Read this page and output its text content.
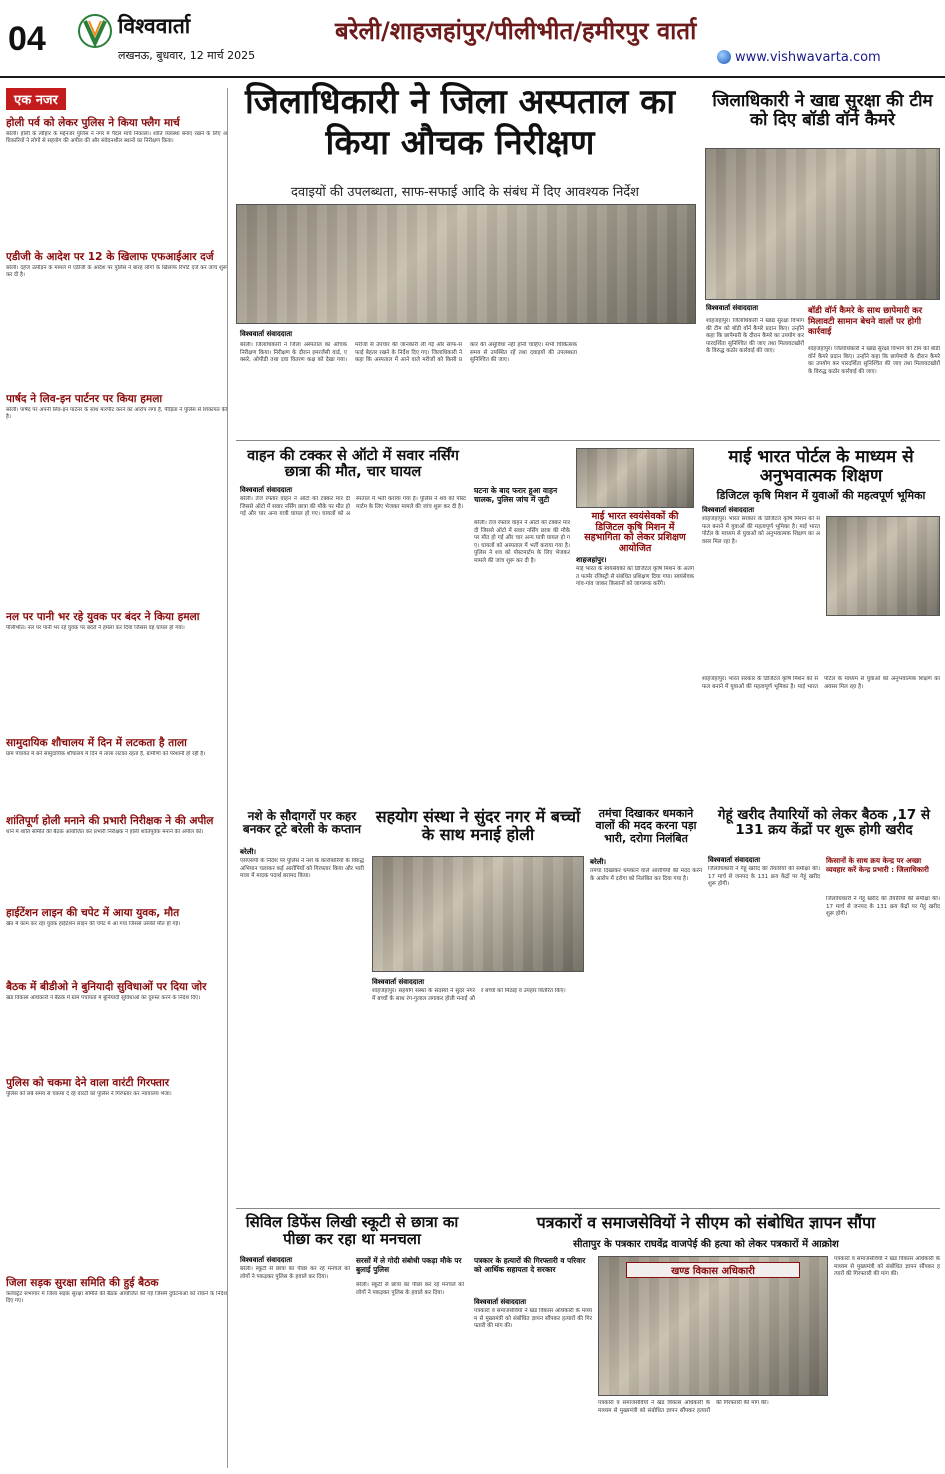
04	विश्ववार्ता
लखनऊ, बुधवार, 12 मार्च 2025
बरेली/शाहजहांपुर/पीलीभीत/हमीरपुर वार्ता
www.vishwavarta.com
एक नजर
होली पर्व को लेकर पुलिस ने किया फ्लैग मार्च
बरेली। होली के त्यौहार के मद्देनजर पुलिस ने नगर में पैदल मार्च निकाला। शांति व्यवस्था बनाए रखने के लिए अधिकारियों ने लोगों से सहयोग की अपील की और संवेदनशील स्थानों का निरीक्षण किया।
एडीजी के आदेश पर 12 के खिलाफ एफआईआर दर्ज
बरेली। दहेज उत्पीड़न के मामले में एडीजी के आदेश पर पुलिस ने बारह लोगों के खिलाफ रिपोर्ट दर्ज कर जांच शुरू कर दी है।
पार्षद ने लिव-इन पार्टनर पर किया हमला
बरेली। पार्षद पर अपनी लिव-इन पार्टनर के साथ मारपीट करने का आरोप लगा है, पीड़िता ने पुलिस से शिकायत की है।
नल पर पानी भर रहे युवक पर बंदर ने किया हमला
पीलीभीत। नल पर पानी भर रहे युवक पर बंदरों ने हमला कर दिया जिससे वह घायल हो गया।
सामुदायिक शौचालय में दिन में लटकता है ताला
ग्राम पंचायत में बने सामुदायिक शौचालय में दिन में ताला लटका रहता है, ग्रामीणों को परेशानी हो रही है।
शांतिपूर्ण होली मनाने की प्रभारी निरीक्षक ने की अपील
थाने में शांति समिति की बैठक आयोजित कर प्रभारी निरीक्षक ने होली शांतिपूर्वक मनाने की अपील की।
हाईटेंशन लाइन की चपेट में आया युवक, मौत
खेत में काम कर रहा युवक हाईटेंशन लाइन की चपेट में आ गया जिससे उसकी मौत हो गई।
बैठक में बीडीओ ने बुनियादी सुविधाओं पर दिया जोर
खंड विकास अधिकारी ने बैठक में ग्राम पंचायतों में बुनियादी सुविधाओं को दुरुस्त करने के निर्देश दिए।
पुलिस को चकमा देने वाला वारंटी गिरफ्तार
पुलिस को लंबे समय से चकमा दे रहे वारंटी को पुलिस ने गिरफ्तार कर न्यायालय भेजा।
जिला सड़क सुरक्षा समिति की हुई बैठक
कलेक्ट्रेट सभागार में जिला सड़क सुरक्षा समिति की बैठक आयोजित की गई जिसमें दुर्घटनाओं को रोकने के निर्देश दिए गए।
जिलाधिकारी ने जिला अस्पताल का किया औचक निरीक्षण
दवाइयों की उपलब्धता, साफ-सफाई आदि के संबंध में दिए आवश्यक निर्देश
विश्ववार्ता संवाददाता
बरेली। जिलाधिकारी ने जिला अस्पताल का औचक निरीक्षण किया। निरीक्षण के दौरान इमरजेंसी वार्ड, एक्सरे, ओपीडी तथा दवा वितरण कक्ष को देखा गया। मरीजों से उपचार की जानकारी ली गई और साफ-सफाई बेहतर रखने के निर्देश दिए गए। जिलाधिकारी ने कहा कि अस्पताल में आने वाले मरीजों को किसी प्रकार की असुविधा नहीं होनी चाहिए। सभी चिकित्सक समय से उपस्थित रहें तथा दवाइयों की उपलब्धता सुनिश्चित की जाए।
जिलाधिकारी ने खाद्य सुरक्षा की टीम को दिए बॉडी वॉर्न कैमरे
विश्ववार्ता संवाददाता	बॉडी वॉर्न कैमरे के साथ छापेमारी कर मिलावटी सामान बेचने वालों पर होगी कार्रवाई
शाहजहांपुर। जिलाधिकारी ने खाद्य सुरक्षा विभाग की टीम को बॉडी वॉर्न कैमरे प्रदान किए। उन्होंने कहा कि छापेमारी के दौरान कैमरे का उपयोग कर पारदर्शिता सुनिश्चित की जाए तथा मिलावटखोरों के विरुद्ध कठोर कार्रवाई की जाए।	शाहजहांपुर। जिलाधिकारी ने खाद्य सुरक्षा विभाग की टीम को बॉडी वॉर्न कैमरे प्रदान किए। उन्होंने कहा कि छापेमारी के दौरान कैमरे का उपयोग कर पारदर्शिता सुनिश्चित की जाए तथा मिलावटखोरों के विरुद्ध कठोर कार्रवाई की जाए।
वाहन की टक्कर से ऑटो में सवार नर्सिंग छात्रा की मौत, चार घायल
विश्ववार्ता संवाददाता
बरेली। तेज रफ्तार वाहन ने ऑटो को टक्कर मार दी जिससे ऑटो में सवार नर्सिंग छात्रा की मौके पर मौत हो गई और चार अन्य यात्री घायल हो गए। घायलों को अस्पताल में भर्ती कराया गया है। पुलिस ने शव को पोस्टमार्टम के लिए भेजकर मामले की जांच शुरू कर दी है।
घटना के बाद फरार हुआ वाहन चालक, पुलिस जांच में जुटी
बरेली। तेज रफ्तार वाहन ने ऑटो को टक्कर मार दी जिससे ऑटो में सवार नर्सिंग छात्रा की मौके पर मौत हो गई और चार अन्य यात्री घायल हो गए। घायलों को अस्पताल में भर्ती कराया गया है। पुलिस ने शव को पोस्टमार्टम के लिए भेजकर मामले की जांच शुरू कर दी है।
माई भारत स्वयंसेवकों की डिजिटल कृषि मिशन में सहभागिता को लेकर प्रशिक्षण आयोजित
शाहजहांपुर।
माई भारत के स्वयंसेवकों को डिजिटल कृषि मिशन के अंतर्गत फार्मर रजिस्ट्री से संबंधित प्रशिक्षण दिया गया। स्वयंसेवक गांव-गांव जाकर किसानों को जागरूक करेंगे।
माई भारत पोर्टल के माध्यम से अनुभवात्मक शिक्षण
डिजिटल कृषि मिशन में युवाओं की महत्वपूर्ण भूमिका
विश्ववार्ता संवाददाता
शाहजहांपुर। भारत सरकार के डिजिटल कृषि मिशन को सफल बनाने में युवाओं की महत्वपूर्ण भूमिका है। माई भारत पोर्टल के माध्यम से युवाओं को अनुभवात्मक शिक्षण का अवसर मिल रहा है।
शाहजहांपुर। भारत सरकार के डिजिटल कृषि मिशन को सफल बनाने में युवाओं की महत्वपूर्ण भूमिका है। माई भारत पोर्टल के माध्यम से युवाओं को अनुभवात्मक शिक्षण का अवसर मिल रहा है।
नशे के सौदागरों पर कहर बनकर टूटे बरेली के कप्तान
बरेली।
एसएसपी के निर्देश पर पुलिस ने नशे के कारोबारियों के विरुद्ध अभियान चलाकर कई आरोपियों को गिरफ्तार किया और भारी मात्रा में मादक पदार्थ बरामद किया।
सहयोग संस्था ने सुंदर नगर में बच्चों के साथ मनाई होली
विश्ववार्ता संवाददाता
शाहजहांपुर। सहयोग संस्था के सदस्यों ने सुंदर नगर में बच्चों के साथ रंग-गुलाल लगाकर होली मनाई और बच्चों को मिठाई व उपहार वितरित किए।
तमंचा दिखाकर धमकाने वालों की मदद करना पड़ा भारी, दरोगा निलंबित
बरेली।
तमंचा दिखाकर धमकाने वाले आरोपियों की मदद करने के आरोप में दरोगा को निलंबित कर दिया गया है।
गेहूं खरीद तैयारियों को लेकर बैठक ,17 से 131 क्रय केंद्रों पर शुरू होगी खरीद
विश्ववार्ता संवाददाता
जिलाधिकारी ने गेहूं खरीद की तैयारियों की समीक्षा की। 17 मार्च से जनपद के 131 क्रय केंद्रों पर गेहूं खरीद शुरू होगी।
किसानों के साथ क्रय केन्द्र पर अच्छा व्यवहार करें केन्द्र प्रभारी : जिलाधिकारी
जिलाधिकारी ने गेहूं खरीद की तैयारियों की समीक्षा की। 17 मार्च से जनपद के 131 क्रय केंद्रों पर गेहूं खरीद शुरू होगी।
सिविल डिफेंस लिखी स्कूटी से छात्रा का पीछा कर रहा था मनचला
विश्ववार्ता संवाददाता
बरेली। स्कूटी से छात्रा का पीछा कर रहे मनचले को लोगों ने पकड़कर पुलिस के हवाले कर दिया।
सरसों में ले गोदी संबोधी पकड़ा मौके पर बुलाई पुलिस
बरेली। स्कूटी से छात्रा का पीछा कर रहे मनचले को लोगों ने पकड़कर पुलिस के हवाले कर दिया।
पत्रकारों व समाजसेवियों ने सीएम को संबोधित ज्ञापन सौंपा
सीतापुर के पत्रकार राघवेंद्र वाजपेई की हत्या को लेकर पत्रकारों में आक्रोश
पत्रकार के हत्यारों की गिरफ्तारी व परिवार को आर्थिक सहायता दे सरकार
विश्ववार्ता संवाददाता
पत्रकारों व समाजसेवियों ने खंड विकास अधिकारी के माध्यम से मुख्यमंत्री को संबोधित ज्ञापन सौंपकर हत्यारों की गिरफ्तारी की मांग की।
खण्ड विकास अधिकारी
पत्रकारों व समाजसेवियों ने खंड विकास अधिकारी के माध्यम से मुख्यमंत्री को संबोधित ज्ञापन सौंपकर हत्यारों की गिरफ्तारी की मांग की।
पत्रकारों व समाजसेवियों ने खंड विकास अधिकारी के माध्यम से मुख्यमंत्री को संबोधित ज्ञापन सौंपकर हत्यारों की गिरफ्तारी की मांग की।
